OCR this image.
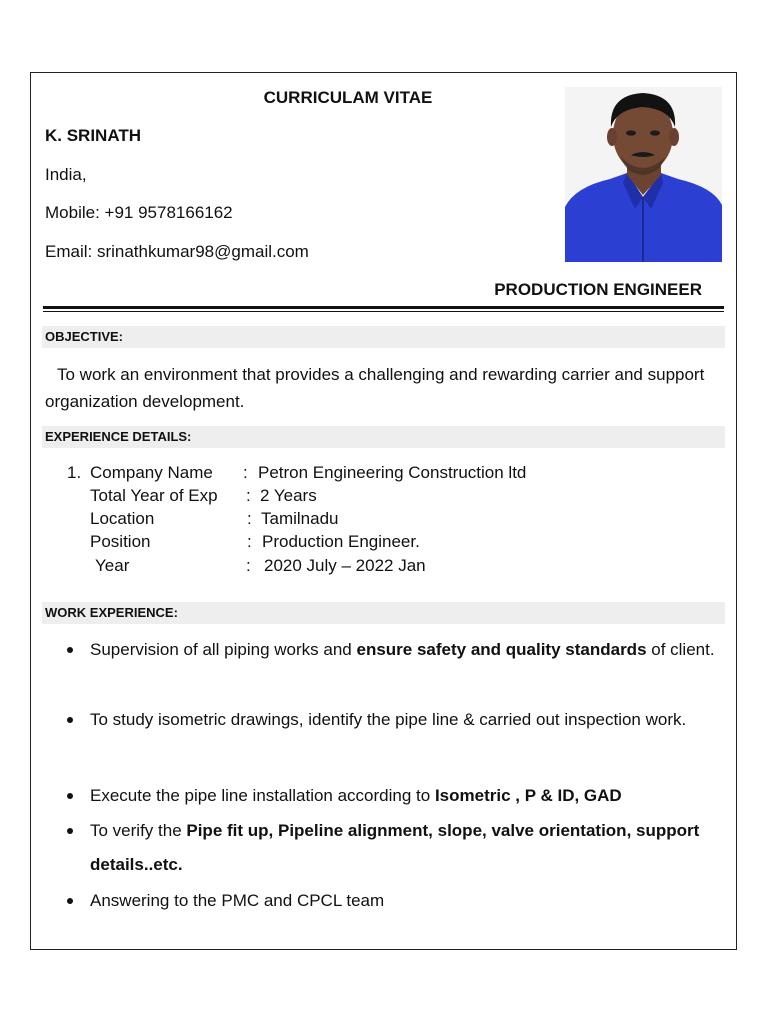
CURRICULAM VITAE
K. SRINATH
India,
Mobile: +91 9578166162
Email: srinathkumar98@gmail.com
PRODUCTION ENGINEER
OBJECTIVE:
To work an environment that provides a challenging and rewarding carrier and support organization development.
EXPERIENCE DETAILS:
1. Company Name : Petron Engineering Construction ltd
Total Year of Exp : 2 Years
Location	: Tamilnadu
Position	: Production Engineer.
Year	: 2020 July – 2022 Jan
WORK EXPERIENCE:
Supervision of all piping works and ensure safety and quality standards of client.
To study isometric drawings, identify the pipe line & carried out inspection work.
Execute the pipe line installation according to Isometric , P & ID, GAD
To verify the Pipe fit up, Pipeline alignment, slope, valve orientation, support details..etc.
Answering to the PMC and CPCL team
